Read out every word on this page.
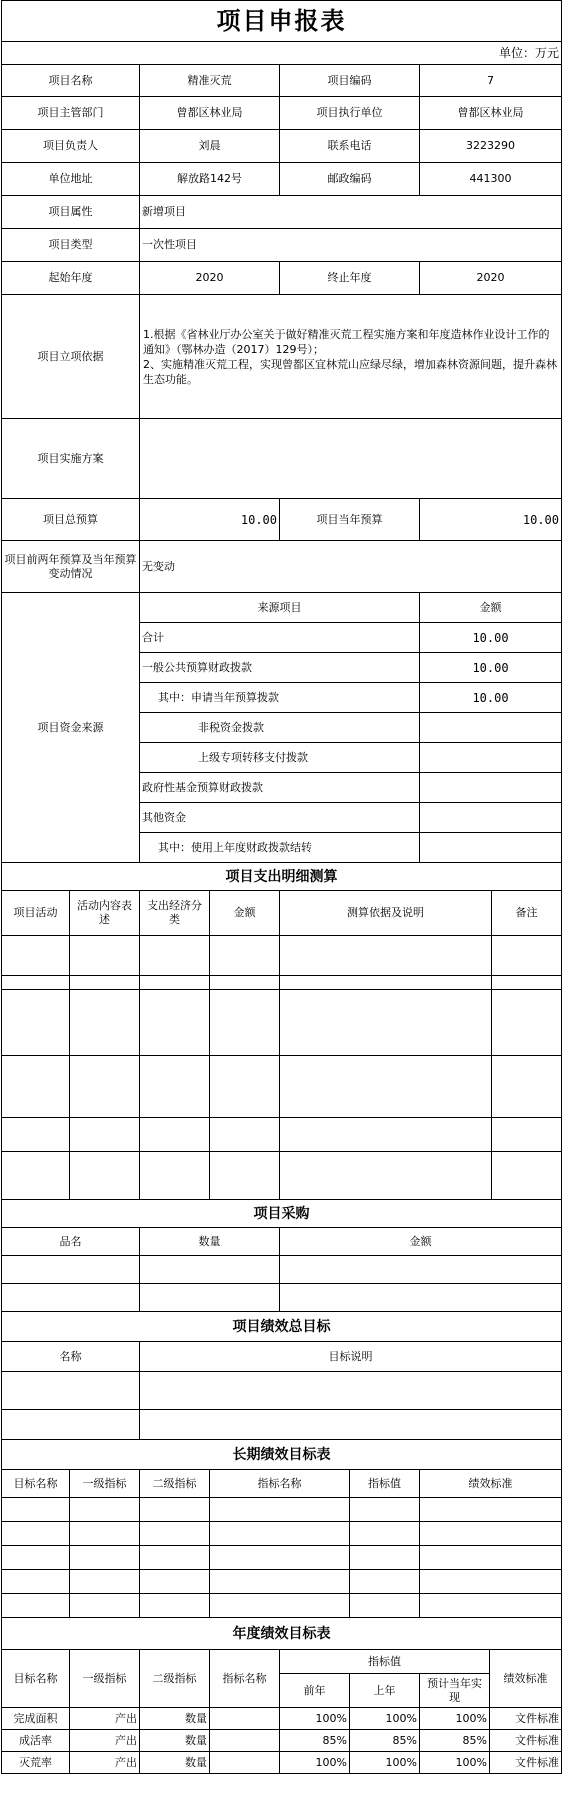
项目申报表			
单位：万元			
项目名称	精准灭荒	项目编码	7
项目主管部门	曾都区林业局	项目执行单位	曾都区林业局
项目负责人	刘晨	联系电话	3223290
单位地址	解放路142号	邮政编码	441300
项目属性	新增项目		
项目类型	一次性项目		
起始年度	2020	终止年度	2020
项目立项依据	1.根据《省林业厅办公室关于做好精准灭荒工程实施方案和年度造林作业设计工作的通知》（鄂林办造（2017）129号）；
2、实施精准灭荒工程，实现曾都区宜林荒山应绿尽绿，增加森林资源间题，提升森林生态功能。		
项目实施方案			
项目总预算	10.00	项目当年预算	10.00
项目前两年预算及当年预算变动情况	无变动		
项目资金来源	来源项目	金额
	合计	10.00
	一般公共预算财政拨款	10.00
	其中：申请当年预算拨款	10.00
	非税资金拨款	
	上级专项转移支付拨款	
	政府性基金预算财政拨款	
	其他资金	
	其中：使用上年度财政拨款结转	
项目支出明细测算					
项目活动	活动内容表述	支出经济分类	金额	测算依据及说明	备注

项目采购		
品名	数量	金额

项目绩效总目标	
名称	目标说明

长期绩效目标表					
目标名称	一级指标	二级指标	指标名称	指标值	绩效标准

年度绩效目标表							
目标名称	一级指标	二级指标	指标名称	指标值			绩效标准
				前年	上年	预计当年实现	
完成面积	产出	数量		100%	100%	100%	文件标准
成活率	产出	数量		85%	85%	85%	文件标准
灭荒率	产出	数量		100%	100%	100%	文件标准
